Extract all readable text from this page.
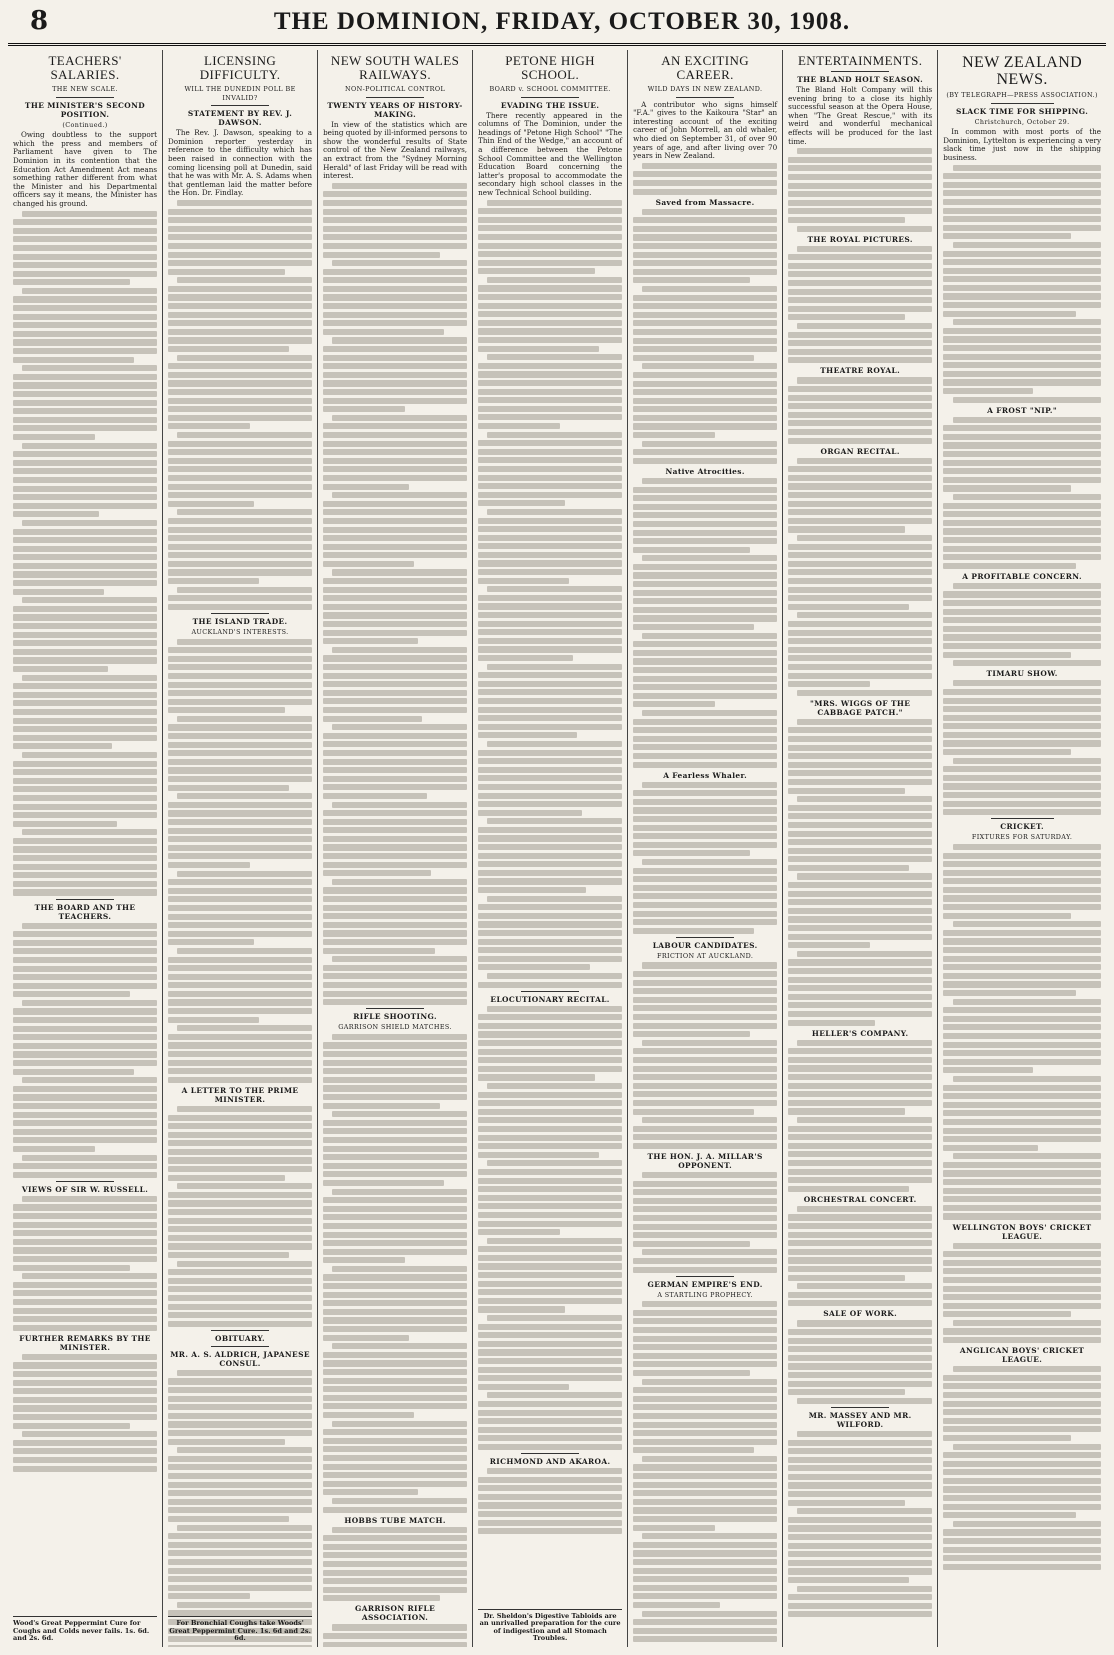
8	THE DOMINION, FRIDAY, OCTOBER 30, 1908.
TEACHERS' SALARIES.
THE NEW SCALE.
THE MINISTER'S SECOND POSITION.
(Continued.)

Owing doubtless to the support which the press and members of Parliament have given to The Dominion in its contention that the Education Act Amendment Act means something rather different from what the Minister and his Departmental officers say it means, the Minister has changed his ground.

THE BOARD AND THE TEACHERS.
VIEWS OF SIR W. RUSSELL.
FURTHER REMARKS BY THE MINISTER.
Wood's Great Peppermint Cure for Coughs and Colds never fails. 1s. 6d. and 2s. 6d.
LICENSING DIFFICULTY.
WILL THE DUNEDIN POLL BE INVALID?
STATEMENT BY REV. J. DAWSON.

The Rev. J. Dawson, speaking to a Dominion reporter yesterday in reference to the difficulty which has been raised in connection with the coming licensing poll at Dunedin, said that he was with Mr. A. S. Adams when that gentleman laid the matter before the Hon. Dr. Findlay.

THE ISLAND TRADE.
AUCKLAND'S INTERESTS.
A LETTER TO THE PRIME MINISTER.
OBITUARY.
MR. A. S. ALDRICH, JAPANESE CONSUL.
For Bronchial Coughs take Woods' Great Peppermint Cure. 1s. 6d and 2s. 6d.
NEW SOUTH WALES RAILWAYS.
NON-POLITICAL CONTROL
TWENTY YEARS OF HISTORY-MAKING.

In view of the statistics which are being quoted by ill-informed persons to show the wonderful results of State control of the New Zealand railways, an extract from the "Sydney Morning Herald" of last Friday will be read with interest.

RIFLE SHOOTING.
GARRISON SHIELD MATCHES.
HOBBS TUBE MATCH.
GARRISON RIFLE ASSOCIATION.
PETONE HIGH SCHOOL.
BOARD v. SCHOOL COMMITTEE.
EVADING THE ISSUE.

There recently appeared in the columns of The Dominion, under the headings of "Petone High School" "The Thin End of the Wedge," an account of a difference between the Petone School Committee and the Wellington Education Board concerning the latter's proposal to accommodate the secondary high school classes in the new Technical School building.

ELOCUTIONARY RECITAL.
RICHMOND AND AKAROA.
Dr. Sheldon's Digestive Tabloids are an unrivalled preparation for the cure of indigestion and all Stomach Troubles.
AN EXCITING CAREER.
WILD DAYS IN NEW ZEALAND.

A contributor who signs himself "F.A." gives to the Kaikoura "Star" an interesting account of the exciting career of John Morrell, an old whaler, who died on September 31, of over 90 years of age, and after living over 70 years in New Zealand.

Saved from Massacre.
Native Atrocities.
A Fearless Whaler.
LABOUR CANDIDATES.
FRICTION AT AUCKLAND.
THE HON. J. A. MILLAR'S OPPONENT.
GERMAN EMPIRE'S END.
A STARTLING PROPHECY.
ENTERTAINMENTS.
THE BLAND HOLT SEASON.

The Bland Holt Company will this evening bring to a close its highly successful season at the Opera House, when "The Great Rescue," with its weird and wonderful mechanical effects will be produced for the last time.

THE ROYAL PICTURES.
THEATRE ROYAL.
ORGAN RECITAL.
"MRS. WIGGS OF THE CABBAGE PATCH."
HELLER'S COMPANY.
ORCHESTRAL CONCERT.
SALE OF WORK.
MR. MASSEY AND MR. WILFORD.
NEW ZEALAND NEWS.
(BY TELEGRAPH—PRESS ASSOCIATION.)
SLACK TIME FOR SHIPPING.
Christchurch, October 29.

In common with most ports of the Dominion, Lyttelton is experiencing a very slack time just now in the shipping business.

A FROST "NIP."
A PROFITABLE CONCERN.
TIMARU SHOW.
CRICKET.
FIXTURES FOR SATURDAY.
WELLINGTON BOYS' CRICKET LEAGUE.
ANGLICAN BOYS' CRICKET LEAGUE.
